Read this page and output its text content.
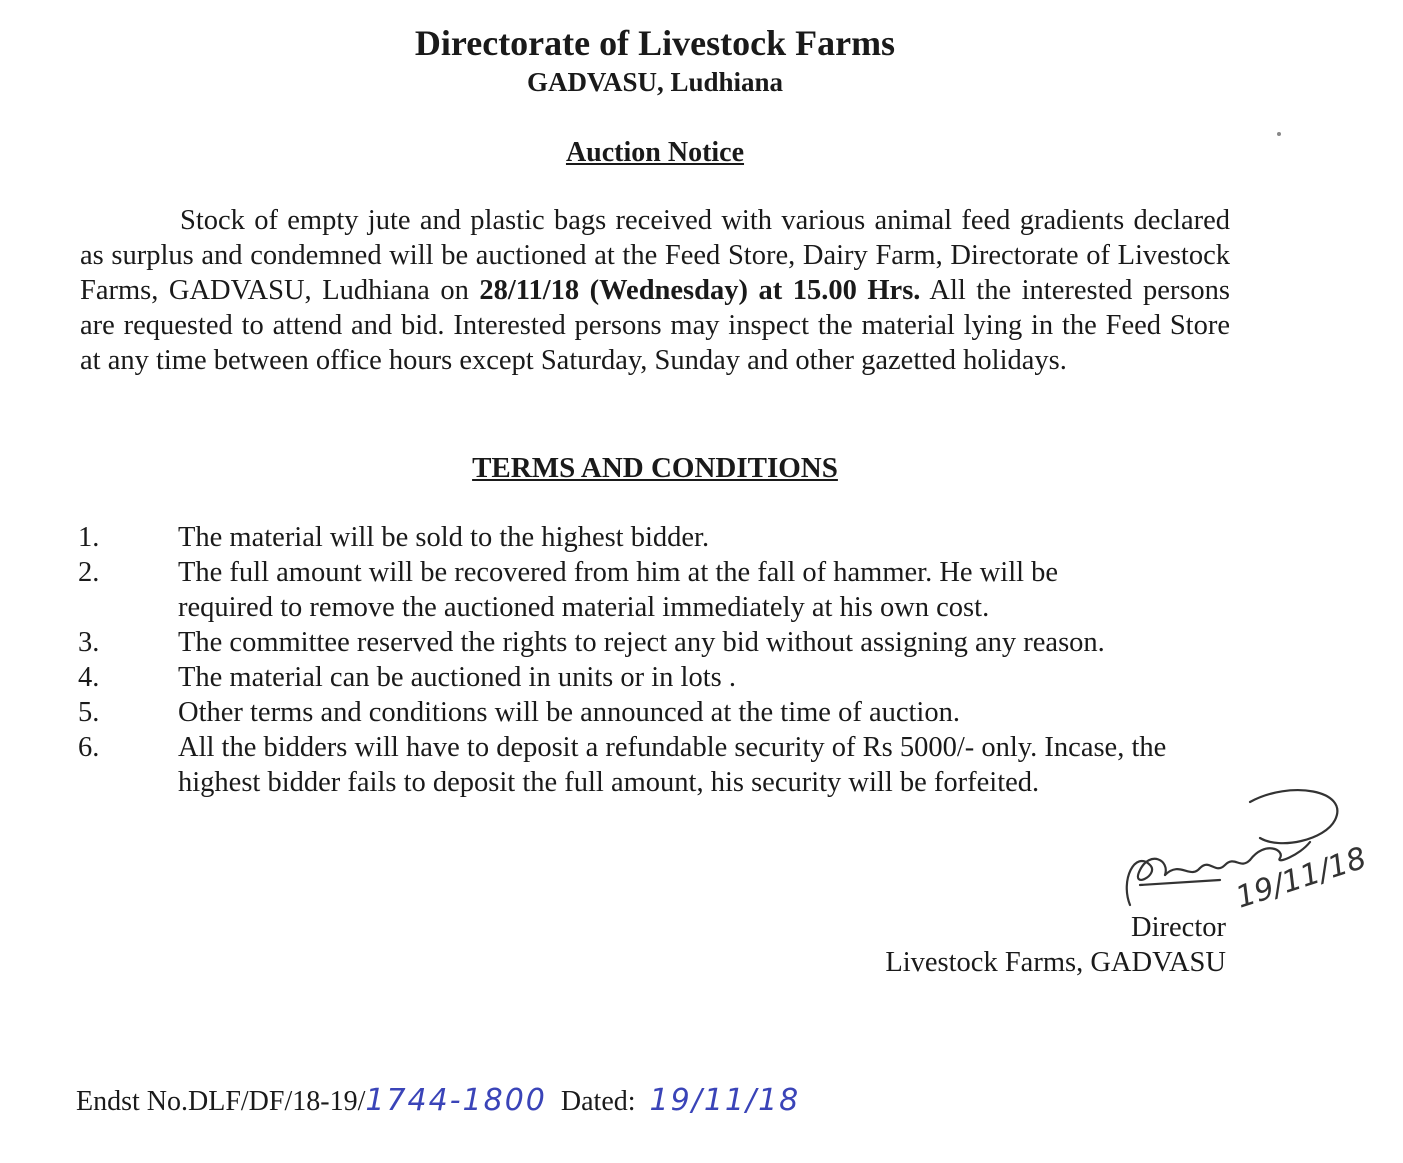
Directorate of Livestock Farms
GADVASU, Ludhiana
Auction Notice
Stock of empty jute and plastic bags received with various animal feed gradients declared as surplus and condemned will be auctioned at the Feed Store, Dairy Farm, Directorate of Livestock Farms, GADVASU, Ludhiana on 28/11/18 (Wednesday) at 15.00 Hrs. All the interested persons are requested to attend and bid. Interested persons may inspect the material lying in the Feed Store at any time between office hours except Saturday, Sunday and other gazetted holidays.
TERMS AND CONDITIONS
1.	The material will be sold to the highest bidder.
2.	The full amount will be recovered from him at the fall of hammer. He will be required to remove the auctioned material immediately at his own cost.
3.	The committee reserved the rights to reject any bid without assigning any reason.
4.	The material can be auctioned in units or in lots .
5.	Other terms and conditions will be announced at the time of auction.
6.	All the bidders will have to deposit a refundable security of Rs 5000/- only. Incase, the highest bidder fails to deposit the full amount, his security will be forfeited.
19/11/18
Director
Livestock Farms, GADVASU
Endst No.DLF/DF/18-19/1744-1800 Dated: 19/11/18
